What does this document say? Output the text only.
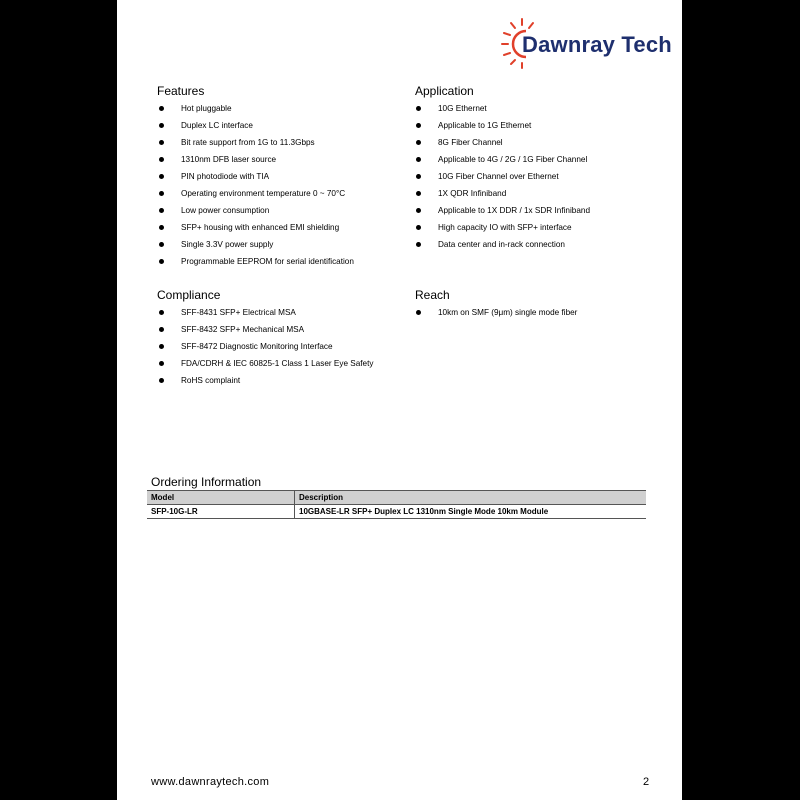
Dawnray Tech
Features
Hot pluggable
Duplex LC interface
Bit rate support from 1G to 11.3Gbps
1310nm DFB laser source
PIN photodiode with TIA
Operating environment temperature 0 ~ 70°C
Low power consumption
SFP+ housing with enhanced EMI shielding
Single 3.3V power supply
Programmable EEPROM for serial identification
Application
10G Ethernet
Applicable to 1G Ethernet
8G Fiber Channel
Applicable to 4G / 2G / 1G Fiber Channel
10G Fiber Channel over Ethernet
1X QDR Infiniband
Applicable to 1X DDR / 1x SDR Infiniband
High capacity IO with SFP+ interface
Data center and in-rack connection
Compliance
SFF-8431 SFP+ Electrical MSA
SFF-8432 SFP+ Mechanical MSA
SFF-8472 Diagnostic Monitoring Interface
FDA/CDRH & IEC 60825-1 Class 1 Laser Eye Safety
RoHS complaint
Reach
10km on SMF (9μm) single mode fiber
Ordering Information
Model	Description
SFP-10G-LR	10GBASE-LR SFP+ Duplex LC 1310nm Single Mode 10km Module
www.dawnraytech.com	2
